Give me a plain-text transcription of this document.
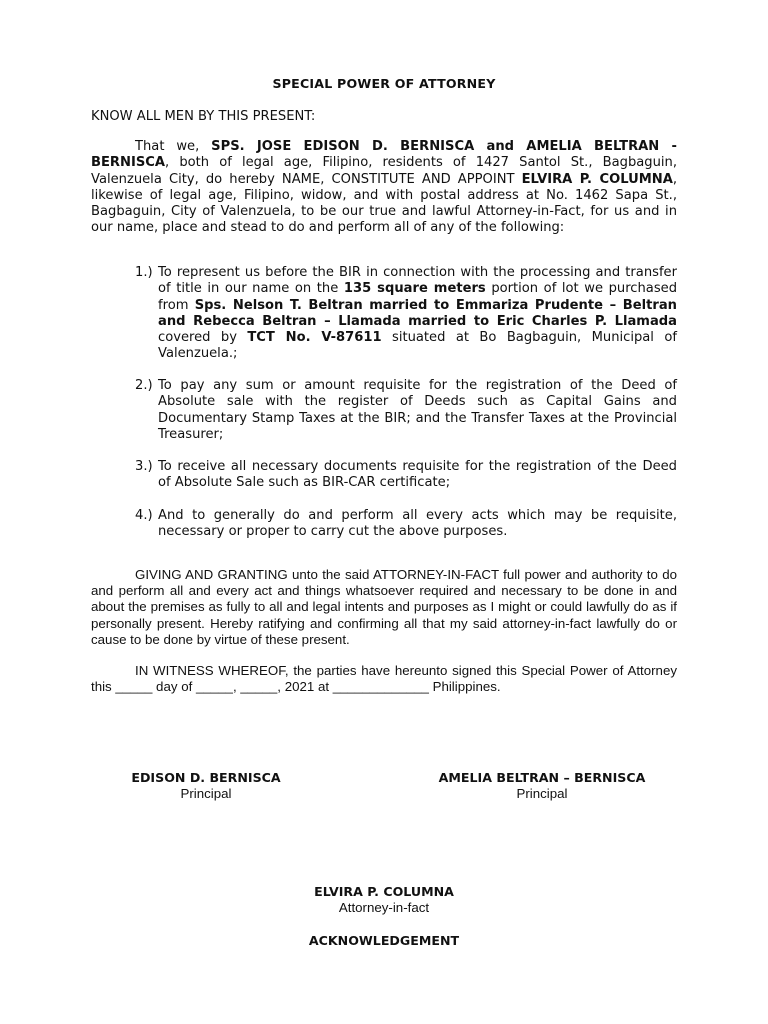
SPECIAL POWER OF ATTORNEY
KNOW ALL MEN BY THIS PRESENT:
That we, SPS. JOSE EDISON D. BERNISCA and AMELIA BELTRAN - BERNISCA, both of legal age, Filipino, residents of 1427 Santol St., Bagbaguin, Valenzuela City, do hereby NAME, CONSTITUTE AND APPOINT ELVIRA P. COLUMNA, likewise of legal age, Filipino, widow, and with postal address at No. 1462 Sapa St., Bagbaguin, City of Valenzuela, to be our true and lawful Attorney-in-Fact, for us and in our name, place and stead to do and perform all of any of the following:
1.) To represent us before the BIR in connection with the processing and transfer of title in our name on the 135 square meters portion of lot we purchased from Sps. Nelson T. Beltran married to Emmariza Prudente – Beltran and Rebecca Beltran – Llamada married to Eric Charles P. Llamada covered by TCT No. V-87611 situated at Bo Bagbaguin, Municipal of Valenzuela.;
2.) To pay any sum or amount requisite for the registration of the Deed of Absolute sale with the register of Deeds such as Capital Gains and Documentary Stamp Taxes at the BIR; and the Transfer Taxes at the Provincial Treasurer;
3.) To receive all necessary documents requisite for the registration of the Deed of Absolute Sale such as BIR-CAR certificate;
4.) And to generally do and perform all every acts which may be requisite, necessary or proper to carry cut the above purposes.
GIVING AND GRANTING unto the said ATTORNEY-IN-FACT full power and authority to do and perform all and every act and things whatsoever required and necessary to be done in and about the premises as fully to all and legal intents and purposes as I might or could lawfully do as if personally present. Hereby ratifying and confirming all that my said attorney-in-fact lawfully do or cause to be done by virtue of these present.
IN WITNESS WHEREOF, the parties have hereunto signed this Special Power of Attorney this _____ day of _____, _____, 2021 at _____________ Philippines.
EDISON D. BERNISCA
Principal
AMELIA BELTRAN – BERNISCA
Principal
ELVIRA P. COLUMNA
Attorney-in-fact
ACKNOWLEDGEMENT
